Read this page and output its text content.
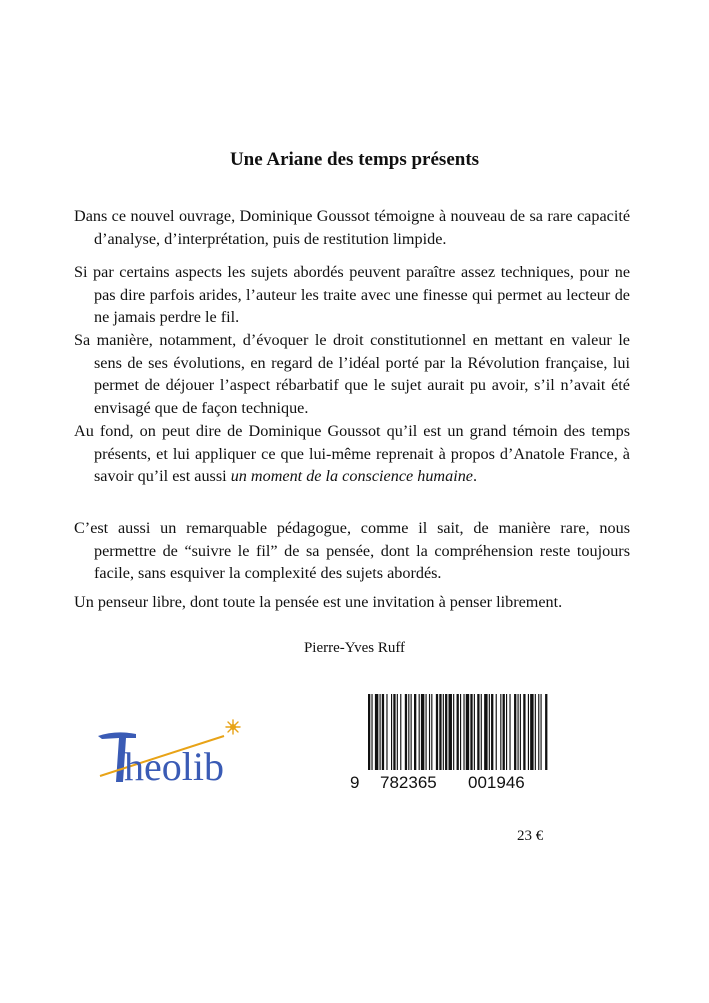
Une Ariane des temps présents

Dans ce nouvel ouvrage, Dominique Goussot témoigne à nouveau de sa rare capacité d’analyse, d’interprétation, puis de restitution limpide.

Si par certains aspects les sujets abordés peuvent paraître assez techniques, pour ne pas dire parfois arides, l’auteur les traite avec une finesse qui permet au lecteur de ne jamais perdre le fil.

Sa manière, notamment, d’évoquer le droit constitutionnel en mettant en valeur le sens de ses évolutions, en regard de l’idéal porté par la Révolution française, lui permet de déjouer l’aspect rébarbatif que le sujet aurait pu avoir, s’il n’avait été envisagé que de façon technique.

Au fond, on peut dire de Dominique Goussot qu’il est un grand témoin des temps présents, et lui appliquer ce que lui-même reprenait à propos d’Anatole France, à savoir qu’il est aussi un moment de la conscience humaine.

C’est aussi un remarquable pédagogue, comme il sait, de manière rare, nous permettre de “suivre le fil” de sa pensée, dont la compréhension reste toujours facile, sans esquiver la complexité des sujets abordés.

Un penseur libre, dont toute la pensée est une invitation à penser librement.

Pierre-Yves Ruff
heolib	9 782365 001946
23 €
